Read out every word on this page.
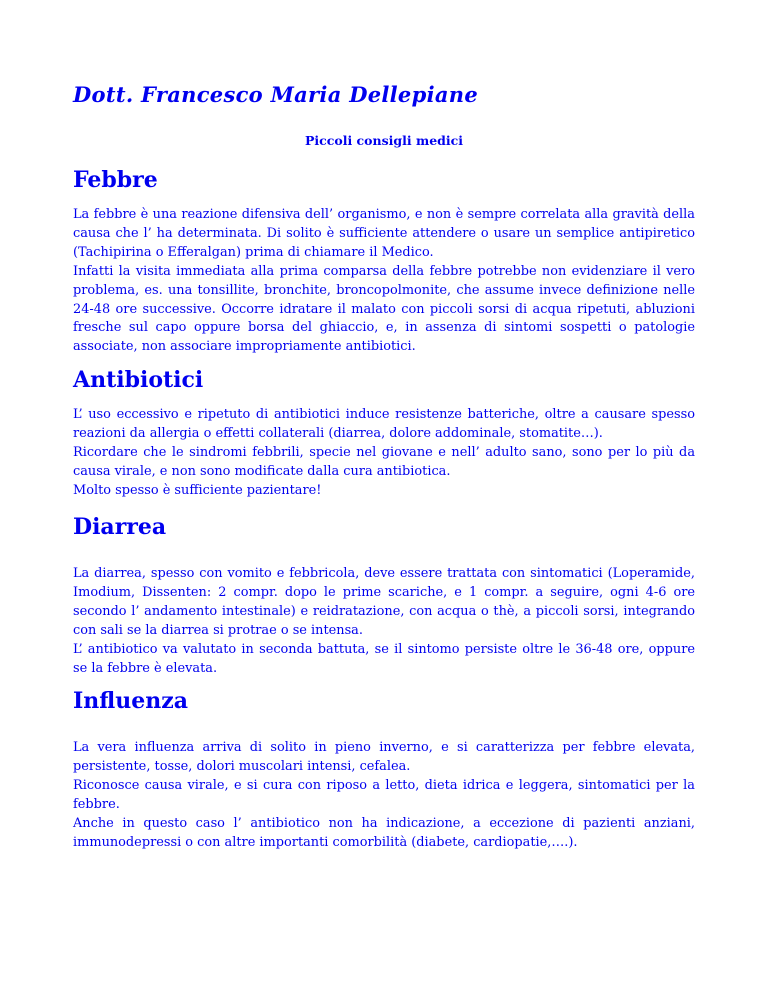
Dott. Francesco Maria Dellepiane
Piccoli consigli medici
Febbre

La febbre è una reazione difensiva dell’ organismo, e non è sempre correlata alla gravità della causa che l’ ha determinata. Di solito è sufficiente attendere o usare un semplice antipiretico (Tachipirina o Efferalgan) prima di chiamare il Medico.

Infatti la visita immediata alla prima comparsa della febbre potrebbe non evidenziare il vero problema, es. una tonsillite, bronchite, broncopolmonite, che assume invece definizione nelle 24-48 ore successive. Occorre idratare il malato con piccoli sorsi di acqua ripetuti, abluzioni fresche sul capo oppure borsa del ghiaccio, e, in assenza di sintomi sospetti o patologie associate, non associare impropriamente antibiotici.

Antibiotici

L’ uso eccessivo e ripetuto di antibiotici induce resistenze batteriche, oltre a causare spesso reazioni da allergia o effetti collaterali (diarrea, dolore addominale, stomatite…).

Ricordare che le sindromi febbrili, specie nel giovane e nell’ adulto sano, sono per lo più da causa virale, e non sono modificate dalla cura antibiotica.

Molto spesso è sufficiente pazientare!

Diarrea

La diarrea, spesso con vomito e febbricola, deve essere trattata con sintomatici (Loperamide, Imodium, Dissenten: 2 compr. dopo le prime scariche, e 1 compr. a seguire, ogni 4-6 ore secondo l’ andamento intestinale) e reidratazione, con acqua o thè, a piccoli sorsi, integrando con sali se la diarrea si protrae o se intensa.

L’ antibiotico va valutato in seconda battuta, se il sintomo persiste oltre le 36-48 ore, oppure se la febbre è elevata.

Influenza

La vera influenza arriva di solito in pieno inverno, e si caratterizza per febbre elevata, persistente, tosse, dolori muscolari intensi, cefalea.

Riconosce causa virale, e si cura con riposo a letto, dieta idrica e leggera, sintomatici per la febbre.

Anche in questo caso l’ antibiotico non ha indicazione, a eccezione di pazienti anziani, immunodepressi o con altre importanti comorbilità (diabete, cardiopatie,….).
